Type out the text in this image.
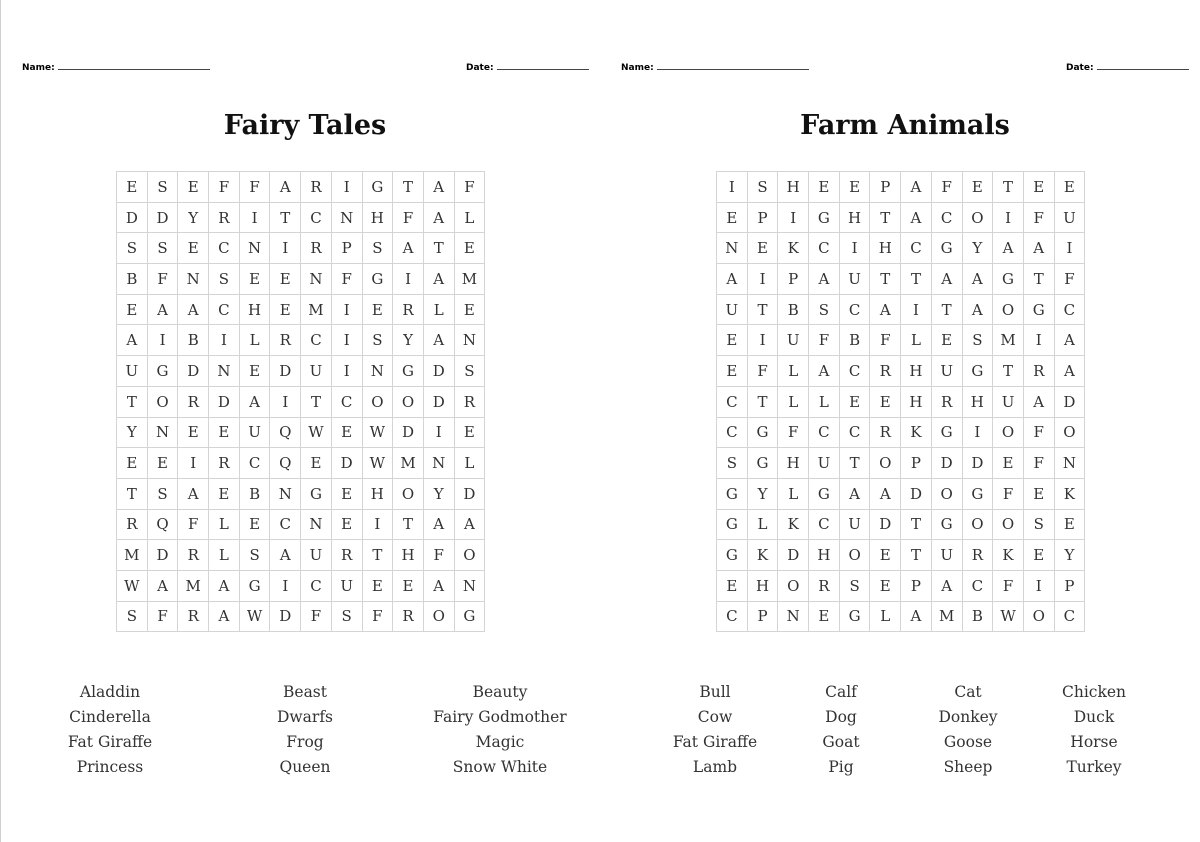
Name:	Date:	Name:	Date:
Fairy Tales
E	S	E	F	F	A	R	I	G	T	A	F
D	D	Y	R	I	T	C	N	H	F	A	L
S	S	E	C	N	I	R	P	S	A	T	E
B	F	N	S	E	E	N	F	G	I	A	M
E	A	A	C	H	E	M	I	E	R	L	E
A	I	B	I	L	R	C	I	S	Y	A	N
U	G	D	N	E	D	U	I	N	G	D	S
T	O	R	D	A	I	T	C	O	O	D	R
Y	N	E	E	U	Q	W	E	W	D	I	E
E	E	I	R	C	Q	E	D	W	M	N	L
T	S	A	E	B	N	G	E	H	O	Y	D
R	Q	F	L	E	C	N	E	I	T	A	A
M	D	R	L	S	A	U	R	T	H	F	O
W	A	M	A	G	I	C	U	E	E	A	N
S	F	R	A	W	D	F	S	F	R	O	G
Aladdin
Cinderella
Fat Giraffe
Princess
Beast
Dwarfs
Frog
Queen
Beauty
Fairy Godmother
Magic
Snow White
Farm Animals
I	S	H	E	E	P	A	F	E	T	E	E
E	P	I	G	H	T	A	C	O	I	F	U
N	E	K	C	I	H	C	G	Y	A	A	I
A	I	P	A	U	T	T	A	A	G	T	F
U	T	B	S	C	A	I	T	A	O	G	C
E	I	U	F	B	F	L	E	S	M	I	A
E	F	L	A	C	R	H	U	G	T	R	A
C	T	L	L	E	E	H	R	H	U	A	D
C	G	F	C	C	R	K	G	I	O	F	O
S	G	H	U	T	O	P	D	D	E	F	N
G	Y	L	G	A	A	D	O	G	F	E	K
G	L	K	C	U	D	T	G	O	O	S	E
G	K	D	H	O	E	T	U	R	K	E	Y
E	H	O	R	S	E	P	A	C	F	I	P
C	P	N	E	G	L	A	M	B	W	O	C
Bull
Cow
Fat Giraffe
Lamb
Calf
Dog
Goat
Pig
Cat
Donkey
Goose
Sheep
Chicken
Duck
Horse
Turkey
